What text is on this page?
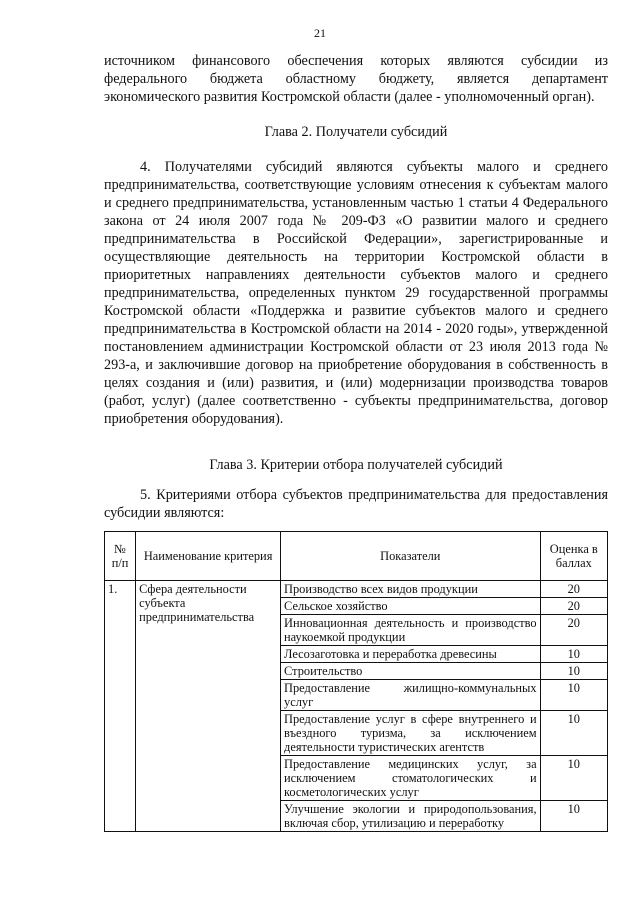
21

источником финансового обеспечения которых являются субсидии из федерального бюджета областному бюджету, является департамент экономического развития Костромской области (далее - уполномоченный орган).

Глава 2. Получатели субсидий

4. Получателями субсидий являются субъекты малого и среднего предпринимательства, соответствующие условиям отнесения к субъектам малого и среднего предпринимательства, установленным частью 1 статьи 4 Федерального закона от 24 июля 2007 года № 209-ФЗ «О развитии малого и среднего предпринимательства в Российской Федерации», зарегистрированные и осуществляющие деятельность на территории Костромской области в приоритетных направлениях деятельности субъектов малого и среднего предпринимательства, определенных пунктом 29 государственной программы Костромской области «Поддержка и развитие субъектов малого и среднего предпринимательства в Костромской области на 2014 - 2020 годы», утвержденной постановлением администрации Костромской области от 23 июля 2013 года № 293-а, и заключившие договор на приобретение оборудования в собственность в целях создания и (или) развития, и (или) модернизации производства товаров (работ, услуг) (далее соответственно - субъекты предпринимательства, договор приобретения оборудования).

Глава 3. Критерии отбора получателей субсидий

5. Критериями отбора субъектов предпринимательства для предоставления субсидии являются:

№ п/п	Наименование критерия	Показатели	Оценка в баллах
1.	Сфера деятельности субъекта предпринимательства	Производство всех видов продукции	20
		Сельское хозяйство	20
		Инновационная деятельность и производство наукоемкой продукции	20
		Лесозаготовка и переработка древесины	10
		Строительство	10
		Предоставление жилищно-коммунальных услуг	10
		Предоставление услуг в сфере внутреннего и въездного туризма, за исключением деятельности туристических агентств	10
		Предоставление медицинских услуг, за исключением стоматологических и косметологических услуг	10
		Улучшение экологии и природопользования, включая сбор, утилизацию и переработку	10
